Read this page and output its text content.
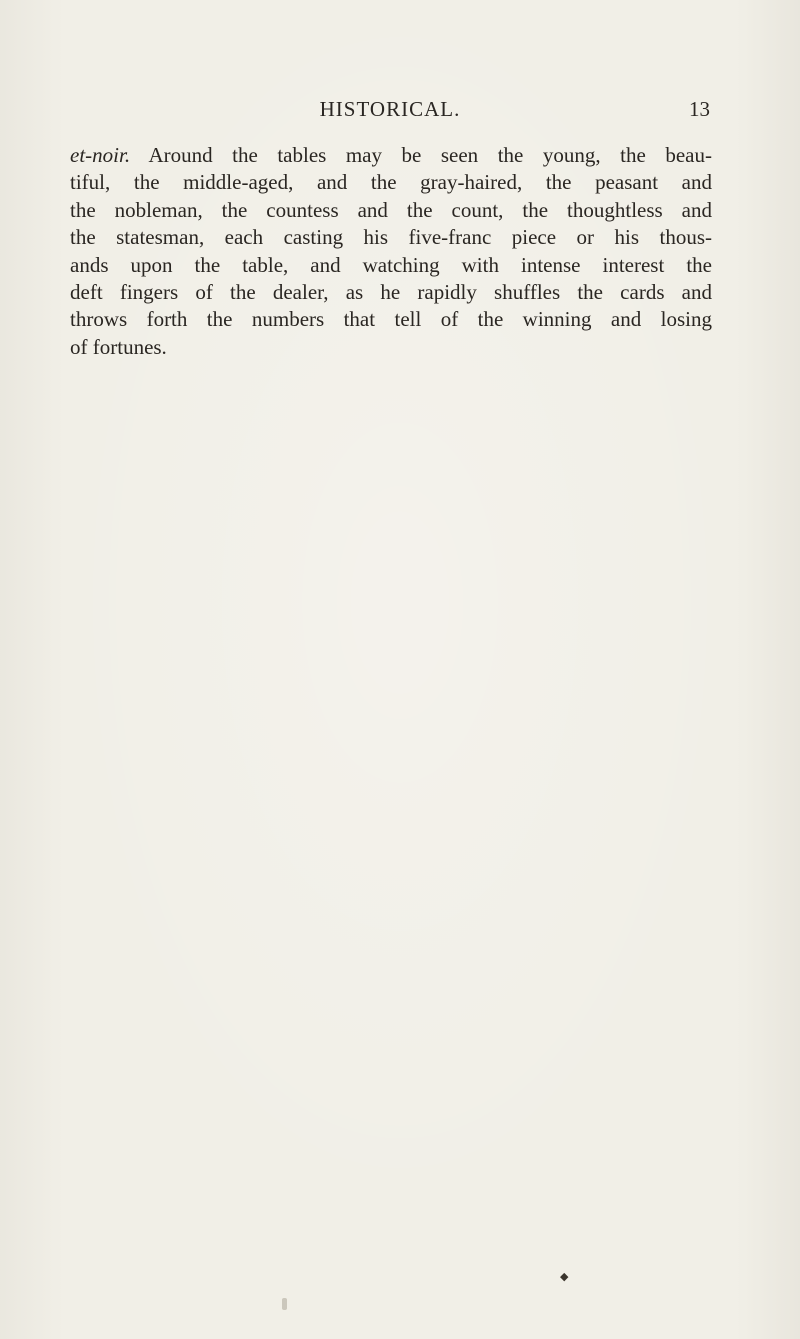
HISTORICAL.	13
et-noir. Around the tables may be seen the young, the beau-
tiful, the middle-aged, and the gray-haired, the peasant and
the nobleman, the countess and the count, the thoughtless and
the statesman, each casting his five-franc piece or his thous-
ands upon the table, and watching with intense interest the
deft fingers of the dealer, as he rapidly shuffles the cards and
throws forth the numbers that tell of the winning and losing
of fortunes.
◆
